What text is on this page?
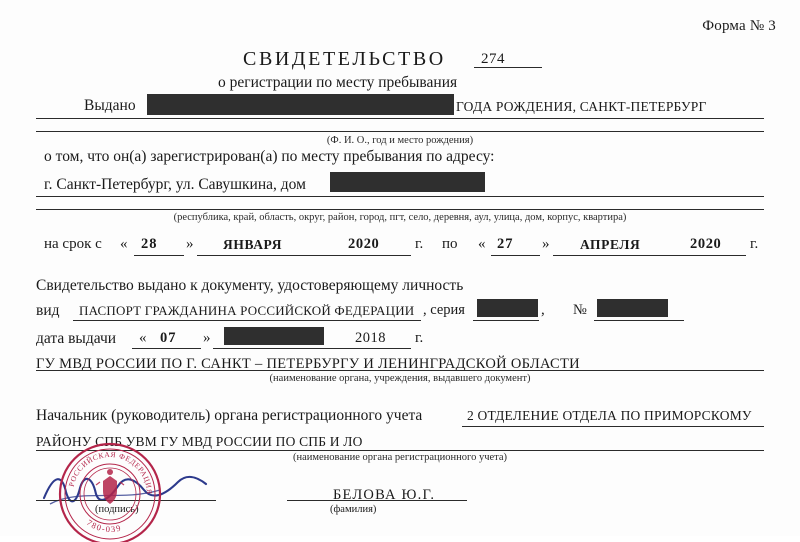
Форма № 3
СВИДЕТЕЛЬСТВО 274
о регистрации по месту пребывания
Выдано	ГОДА РОЖДЕНИЯ, САНКТ-ПЕТЕРБУРГ
(Ф. И. О., год и место рождения)
о том, что он(а) зарегистрирован(а) по месту пребывания по адресу:
г. Санкт-Петербург, ул. Савушкина, дом
(республика, край, область, округ, район, город, пгт, село, деревня, аул, улица, дом, корпус, квартира)
на срок с « 28 » ЯНВАРЯ	2020 г. по « 27 » АПРЕЛЯ	2020 г.
Свидетельство выдано к документу, удостоверяющему личность
вид ПАСПОРТ ГРАЖДАНИНА РОССИЙСКОЙ ФЕДЕРАЦИИ , серия	, №
дата выдачи « 07 »	2018 г.
ГУ МВД РОССИИ ПО Г. САНКТ – ПЕТЕРБУРГУ И ЛЕНИНГРАДСКОЙ ОБЛАСТИ
(наименование органа, учреждения, выдавшего документ)
Начальник (руководитель) органа регистрационного учета	2 ОТДЕЛЕНИЕ ОТДЕЛА ПО ПРИМОРСКОМУ
РАЙОНУ СПБ УВМ ГУ МВД РОССИИ ПО СПБ И ЛО
(наименование органа регистрационного учета)
(подпись)
БЕЛОВА Ю.Г.
(фамилия)
РОССИЙСКАЯ ФЕДЕРАЦИЯ
780-039
